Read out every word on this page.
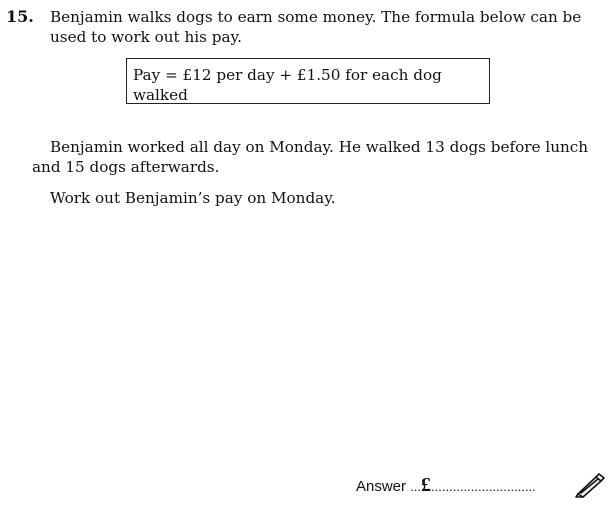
15. Benjamin walks dogs to earn some money. The formula below can be used to work out his pay.
Pay = £12 per day + £1.50 for each dog walked
Benjamin worked all day on Monday. He walked 13 dogs before lunch and 15 dogs afterwards.
Work out Benjamin’s pay on Monday.
Answer ...£.............................
